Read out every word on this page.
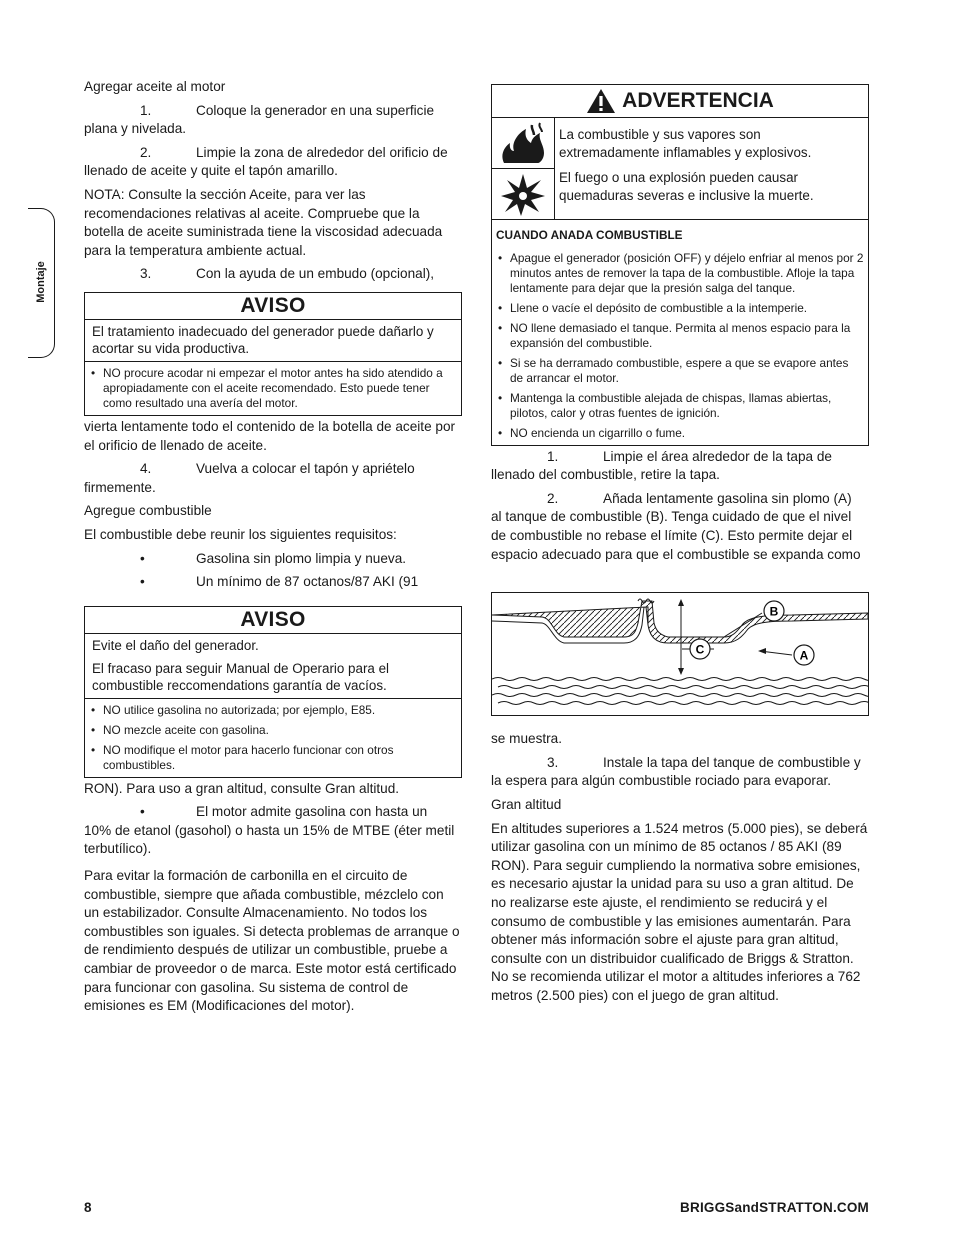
Montaje

Agregar aceite al motor

1.	Coloque la generador en una superficie
plana y nivelada.

2.	Limpie la zona de alrededor del orificio de
llenado de aceite y quite el tapón amarillo.

NOTA: Consulte la sección Aceite, para ver las recomendaciones relativas al aceite. Compruebe que la botella de aceite suministrada tiene la viscosidad adecuada para la temperatura ambiente actual.

3.	Con la ayuda de un embudo (opcional),

AVISO

El tratamiento inadecuado del generador puede dañarlo y acortar su vida productiva.

• NO procure acodar ni empezar el motor antes ha sido atendido a apropiadamente con el aceite recomendado. Esto puede tener como resultado una avería del motor.

vierta lentamente todo el contenido de la botella de aceite por el orificio de llenado de aceite.

4.	Vuelva a colocar el tapón y apriételo
firmemente.

Agregue combustible

El combustible debe reunir los siguientes requisitos:

•	Gasolina sin plomo limpia y nueva.

•	Un mínimo de 87 octanos/87 AKI (91

AVISO

Evite el daño del generador.

El fracaso para seguir Manual de Operario para el combustible reccomendations garantía de vacíos.

• NO utilice gasolina no autorizada; por ejemplo, E85.
• NO mezcle aceite con gasolina.
• NO modifique el motor para hacerlo funcionar con otros combustibles.

RON). Para uso a gran altitud, consulte Gran altitud.

•	El motor admite gasolina con hasta un
10% de etanol (gasohol) o hasta un 15% de MTBE (éter metil terbutílico).

Para evitar la formación de carbonilla en el circuito de combustible, siempre que añada combustible, mézclelo con un estabilizador. Consulte Almacenamiento. No todos los combustibles son iguales. Si detecta problemas de arranque o de rendimiento después de utilizar un combustible, pruebe a cambiar de proveedor o de marca. Este motor está certificado para funcionar con gasolina. Su sistema de control de emisiones es EM (Modificaciones del motor).

ADVERTENCIA

La combustible y sus vapores son extremadamente inflamables y explosivos.

El fuego o una explosión pueden causar quemaduras severas e inclusive la muerte.

CUANDO ANADA COMBUSTIBLE
• Apague el generador (posición OFF) y déjelo enfriar al menos por 2 minutos antes de remover la tapa de la combustible. Afloje la tapa lentamente para dejar que la presión salga del tanque.
• Llene o vacíe el depósito de combustible a la intemperie.
• NO llene demasiado el tanque. Permita al menos espacio para la expansión del combustible.
• Si se ha derramado combustible, espere a que se evapore antes de arrancar el motor.
• Mantenga la combustible alejada de chispas, llamas abiertas, pilotos, calor y otras fuentes de ignición.
• NO encienda un cigarrillo o fume.

1.	Limpie el área alrededor de la tapa de
llenado del combustible, retire la tapa.

2.	Añada lentamente gasolina sin plomo (A)
al tanque de combustible (B). Tenga cuidado de que el nivel de combustible no rebase el límite (C). Esto permite dejar el espacio adecuado para que el combustible se expanda como

B
A
C

se muestra.

3.	Instale la tapa del tanque de combustible y
la espera para algún combustible rociado para evaporar.

Gran altitud

En altitudes superiores a 1.524 metros (5.000 pies), se deberá utilizar gasolina con un mínimo de 85 octanos / 85 AKI (89 RON). Para seguir cumpliendo la normativa sobre emisiones, es necesario ajustar la unidad para su uso a gran altitud. De no realizarse este ajuste, el rendimiento se reducirá y el consumo de combustible y las emisiones aumentarán. Para obtener más información sobre el ajuste para gran altitud, consulte con un distribuidor cualificado de Briggs & Stratton. No se recomienda utilizar el motor a altitudes inferiores a 762 metros (2.500 pies) con el juego de gran altitud.

8	BRIGGSandSTRATTON.COM
